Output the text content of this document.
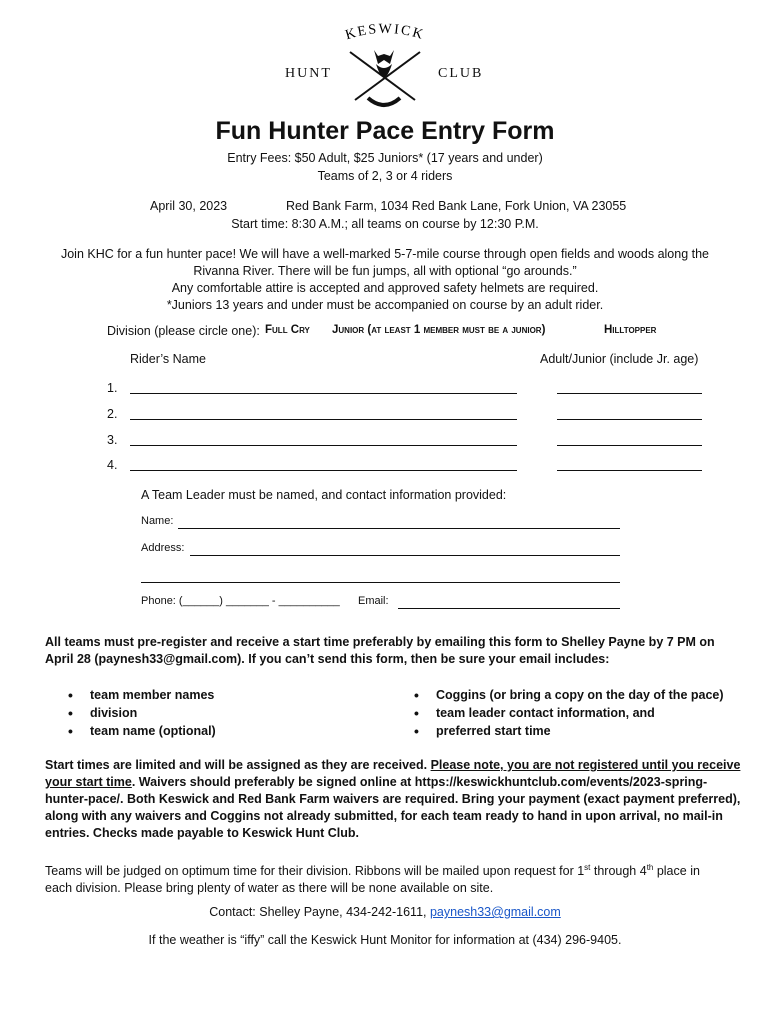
KESWICK
HUNT	CLUB
Fun Hunter Pace Entry Form
Entry Fees: $50 Adult, $25 Juniors* (17 years and under)
Teams of 2, 3 or 4 riders
April 30, 2023	Red Bank Farm, 1034 Red Bank Lane, Fork Union, VA 23055
Start time: 8:30 A.M.; all teams on course by 12:30 P.M.
Join KHC for a fun hunter pace! We will have a well-marked 5-7-mile course through open fields and woods along the
Rivanna River. There will be fun jumps, all with optional “go arounds.”
Any comfortable attire is accepted and approved safety helmets are required.
*Juniors 13 years and under must be accompanied on course by an adult rider.
Division (please circle one): Full Cry Junior (at least 1 member must be a junior)	Hilltopper
Rider’s Name	Adult/Junior (include Jr. age)
1.
2.
3.
4.
A Team Leader must be named, and contact information provided:
Name:
Address:
Phone: (______) _______ - __________ Email:
All teams must pre-register and receive a start time preferably by emailing this form to Shelley Payne by 7 PM on
April 28 (paynesh33@gmail.com). If you can’t send this form, then be sure your email includes:
• team member names
• division
• team name (optional)
• Coggins (or bring a copy on the day of the pace)
• team leader contact information, and
• preferred start time
Start times are limited and will be assigned as they are received. Please note, you are not registered until you receive
your start time. Waivers should preferably be signed online at https://keswickhuntclub.com/events/2023-spring-
hunter-pace/. Both Keswick and Red Bank Farm waivers are required. Bring your payment (exact payment preferred),
along with any waivers and Coggins not already submitted, for each team ready to hand in upon arrival, no mail-in
entries. Checks made payable to Keswick Hunt Club.
Teams will be judged on optimum time for their division. Ribbons will be mailed upon request for 1st through 4th place in
each division. Please bring plenty of water as there will be none available on site.
Contact: Shelley Payne, 434-242-1611, paynesh33@gmail.com
If the weather is “iffy” call the Keswick Hunt Monitor for information at (434) 296-9405.
